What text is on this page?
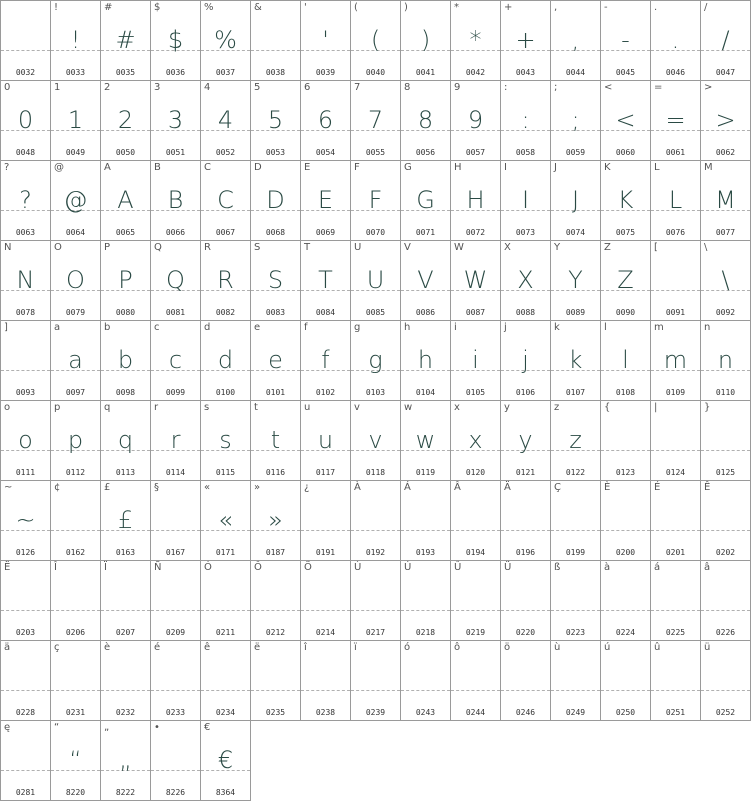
0032
!
!
0033
#
#
0035
$
$
0036
%
%
0037
&
0038
'
'
0039
(
(
0040
)
)
0041
*
*
0042
+
+
0043
,
,
0044
-
-
0045
.
.
0046
/
/
0047
0
0
0048
1
1
0049
2
2
0050
3
3
0051
4
4
0052
5
5
0053
6
6
0054
7
7
0055
8
8
0056
9
9
0057
:
:
0058
;
;
0059
<
<
0060
=
=
0061
>
>
0062
?
?
0063
@
@
0064
A
A
0065
B
B
0066
C
C
0067
D
D
0068
E
E
0069
F
F
0070
G
G
0071
H
H
0072
I
I
0073
J
J
0074
K
K
0075
L
L
0076
M
M
0077
N
N
0078
O
O
0079
P
P
0080
Q
Q
0081
R
R
0082
S
S
0083
T
T
0084
U
U
0085
V
V
0086
W
W
0087
X
X
0088
Y
Y
0089
Z
Z
0090
[
0091
\
\
0092
]
0093
a
a
0097
b
b
0098
c
c
0099
d
d
0100
e
e
0101
f
f
0102
g
g
0103
h
h
0104
i
i
0105
j
j
0106
k
k
0107
l
l
0108
m
m
0109
n
n
0110
o
o
0111
p
p
0112
q
q
0113
r
r
0114
s
s
0115
t
t
0116
u
u
0117
v
v
0118
w
w
0119
x
x
0120
y
y
0121
z
z
0122
{
0123
|
0124
}
0125
~
~
0126
¢
0162
£
£
0163
§
0167
«
«
0171
»
»
0187
¿
0191
À
0192
Á
0193
Â
0194
Ä
0196
Ç
0199
È
0200
É
0201
Ê
0202
Ë
0203
Î
0206
Ï
0207
Ñ
0209
Ó
0211
Ô
0212
Ö
0214
Ù
0217
Ú
0218
Û
0219
Ü
0220
ß
0223
à
0224
á
0225
â
0226
ä
0228
ç
0231
è
0232
é
0233
ê
0234
ë
0235
î
0238
ï
0239
ó
0243
ô
0244
ö
0246
ù
0249
ú
0250
û
0251
ü
0252
ę
0281
“
“
8220
„
„
8222
•
8226
€
€
8364
